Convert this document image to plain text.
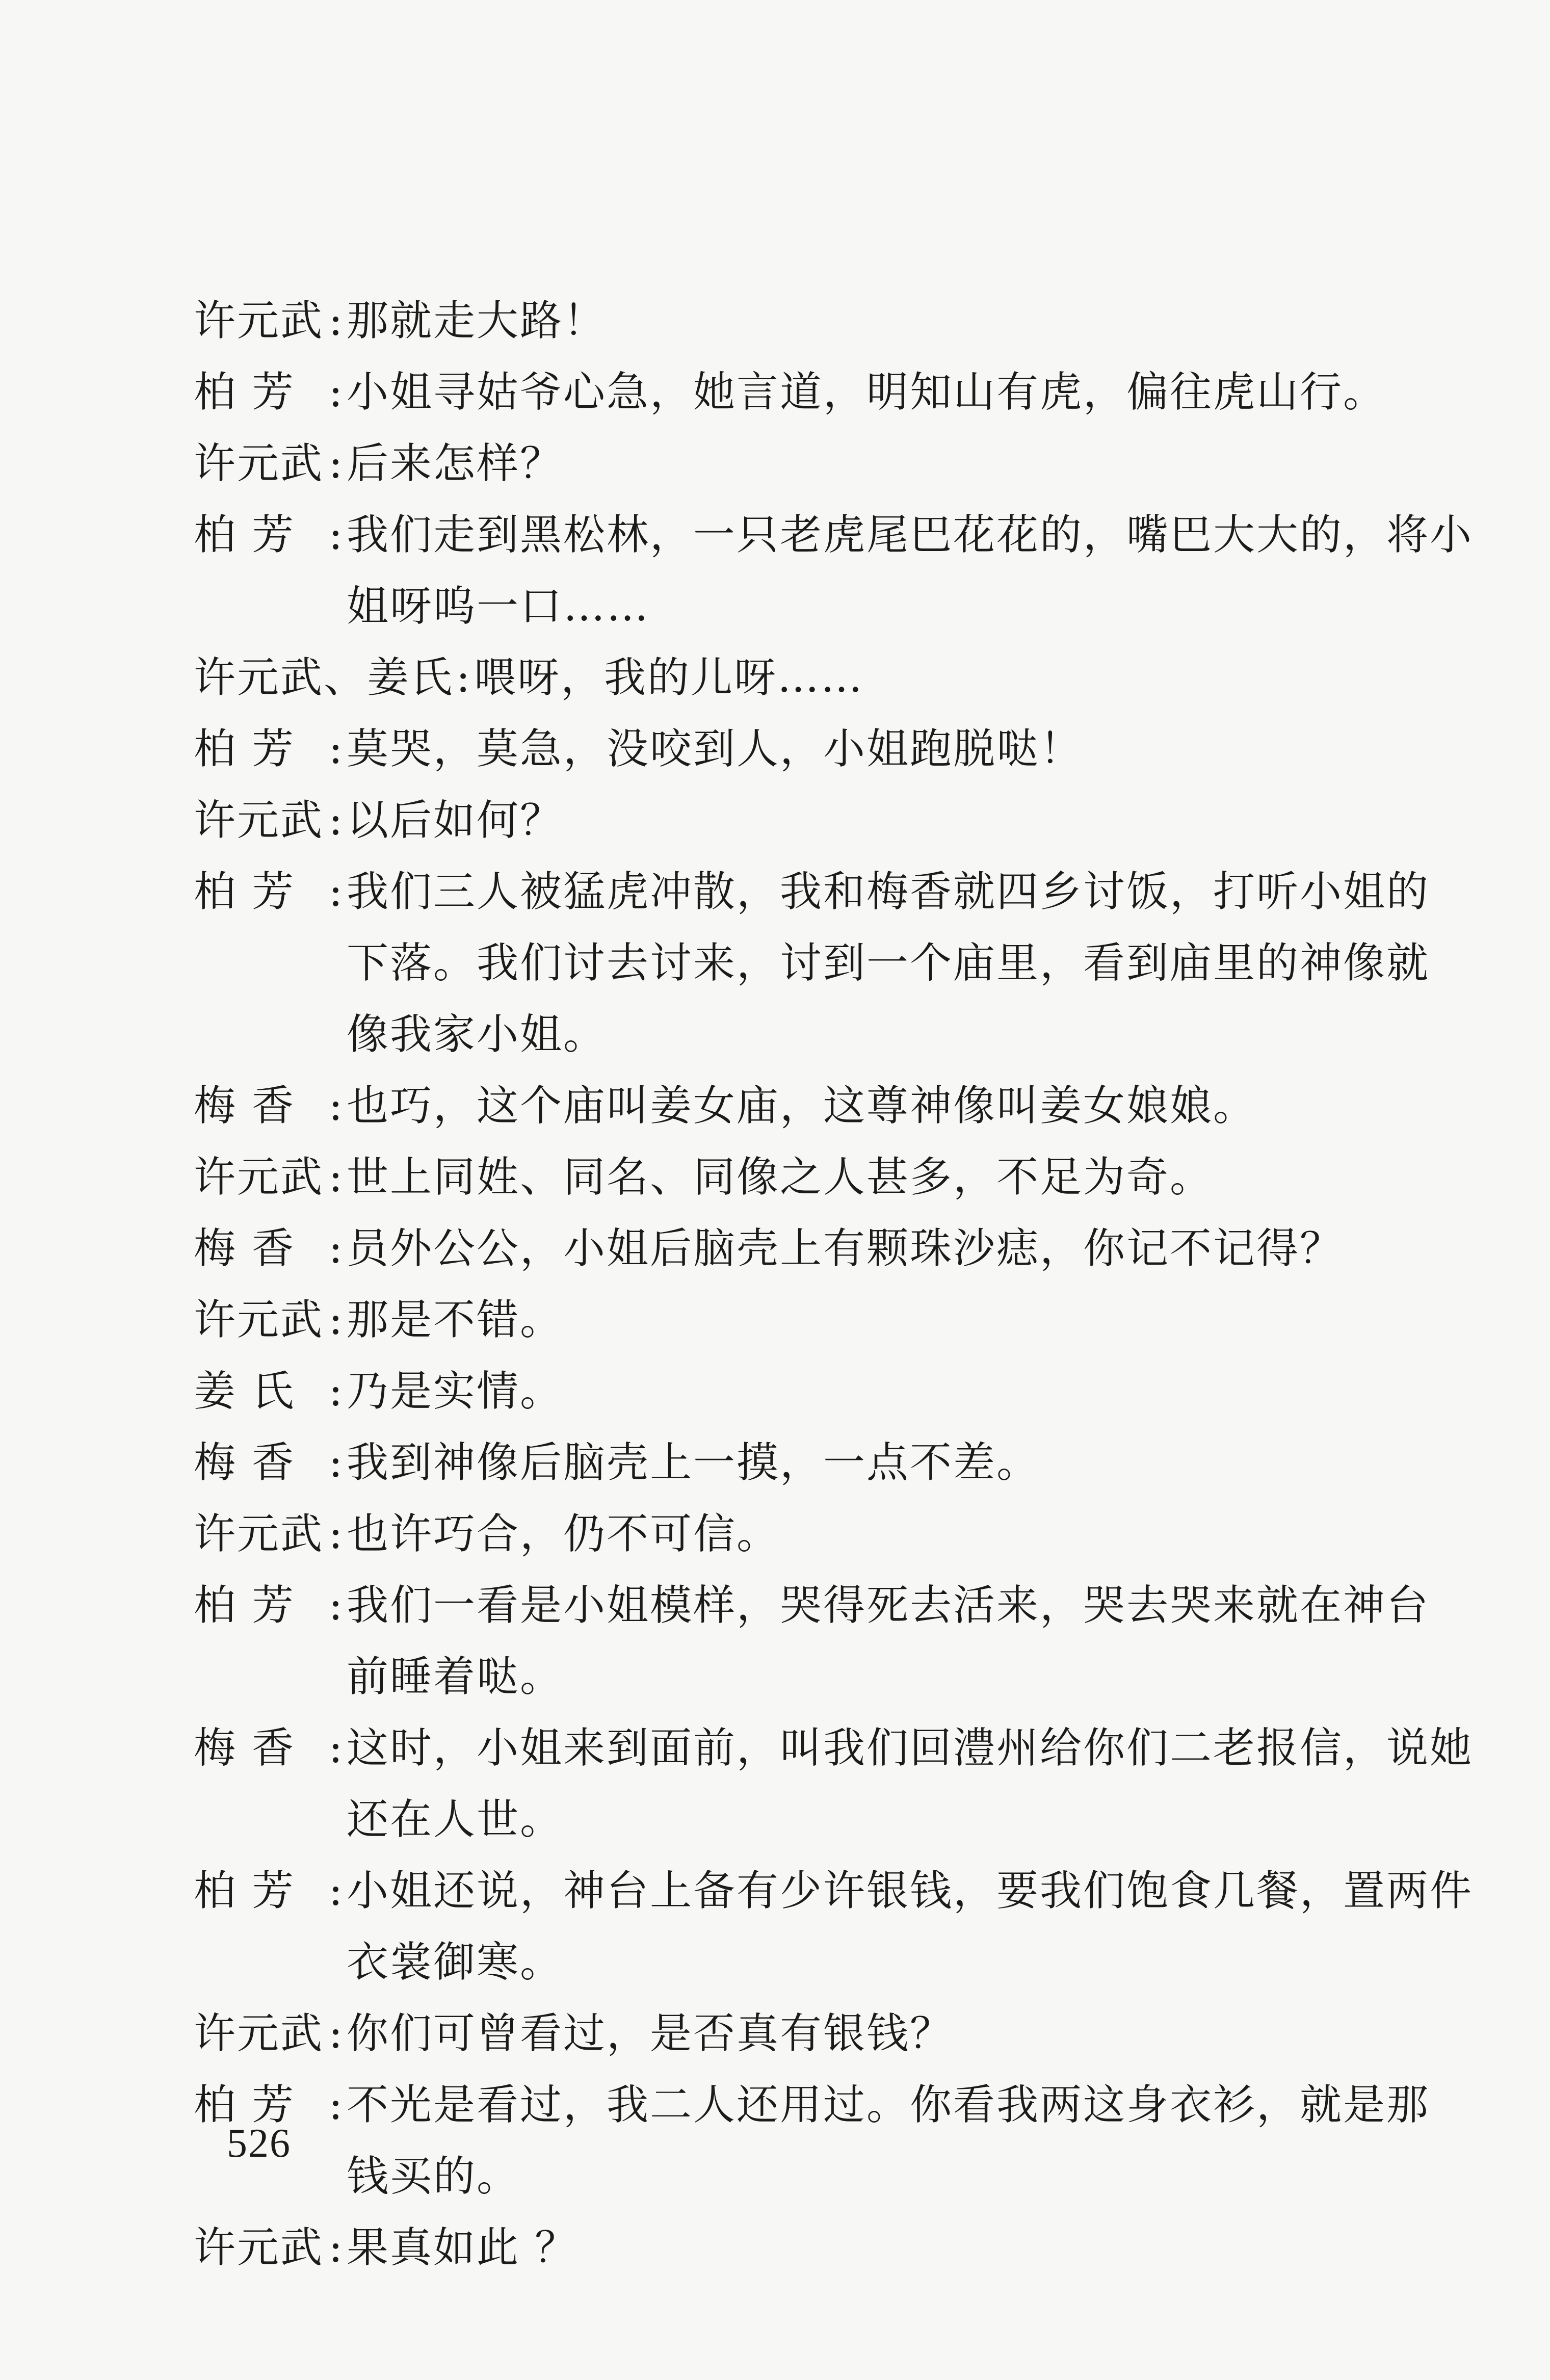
许元武 : 那就走大路！
柏 芳 : 小姐寻姑爷心急，她言道，明知山有虎，偏往虎山行。
许元武 : 后来怎样？
柏 芳 : 我们走到黑松林，一只老虎尾巴花花的，嘴巴大大的，将小
姐呀呜一口……
许元武、姜氏 : 喂呀，我的儿呀……
柏 芳 : 莫哭，莫急，没咬到人，小姐跑脱哒！
许元武 : 以后如何？
柏 芳 : 我们三人被猛虎冲散，我和梅香就四乡讨饭，打听小姐的
下落。我们讨去讨来，讨到一个庙里，看到庙里的神像就
像我家小姐。
梅 香 : 也巧，这个庙叫姜女庙，这尊神像叫姜女娘娘。
许元武 : 世上同姓、同名、同像之人甚多，不足为奇。
梅 香 : 员外公公，小姐后脑壳上有颗珠沙痣，你记不记得？
许元武 : 那是不错。
姜 氏 : 乃是实情。
梅 香 : 我到神像后脑壳上一摸，一点不差。
许元武 : 也许巧合，仍不可信。
柏 芳 : 我们一看是小姐模样，哭得死去活来，哭去哭来就在神台
前睡着哒。
梅 香 : 这时，小姐来到面前，叫我们回澧州给你们二老报信，说她
还在人世。
柏 芳 : 小姐还说，神台上备有少许银钱，要我们饱食几餐，置两件
衣裳御寒。
许元武 : 你们可曾看过，是否真有银钱？
柏 芳 : 不光是看过，我二人还用过。你看我两这身衣衫，就是那
钱买的。
许元武 : 果真如此 ？
526
